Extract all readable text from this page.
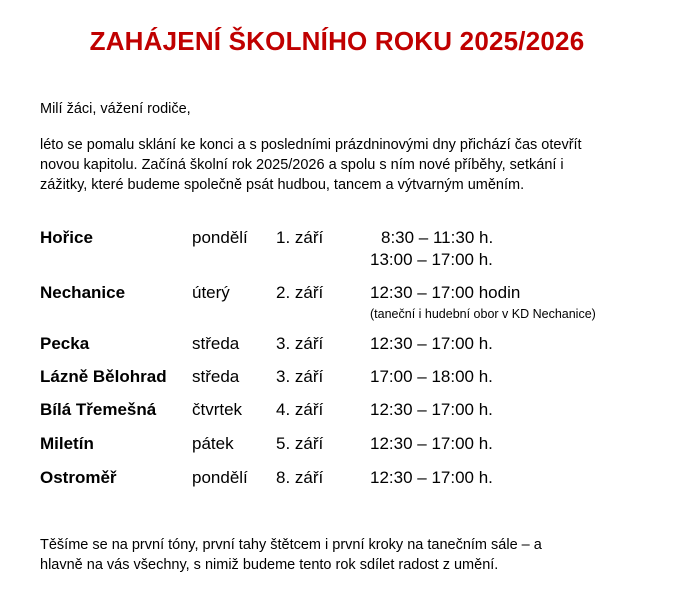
ZAHÁJENÍ ŠKOLNÍHO ROKU 2025/2026
Milí žáci, vážení rodiče,
léto se pomalu sklání ke konci a s posledními prázdninovými dny přichází čas otevřít
novou kapitolu. Začíná školní rok 2025/2026 a spolu s ním nové příběhy, setkání i
zážitky, které budeme společně psát hudbou, tancem a výtvarným uměním.
Hořice	pondělí 1. září	8:30 – 11:30 h.
13:00 – 17:00 h.
Nechanice	úterý	2. září	12:30 – 17:00 hodin
(taneční i hudební obor v KD Nechanice)
Pecka	středa 3. září	12:30 – 17:00 h.
Lázně Bělohrad středa 3. září	17:00 – 18:00 h.
Bílá Třemešná čtvrtek 4. září	12:30 – 17:00 h.
Miletín	pátek 5. září	12:30 – 17:00 h.
Ostroměř	pondělí 8. září	12:30 – 17:00 h.
Těšíme se na první tóny, první tahy štětcem i první kroky na tanečním sále – a
hlavně na vás všechny, s nimiž budeme tento rok sdílet radost z umění.
